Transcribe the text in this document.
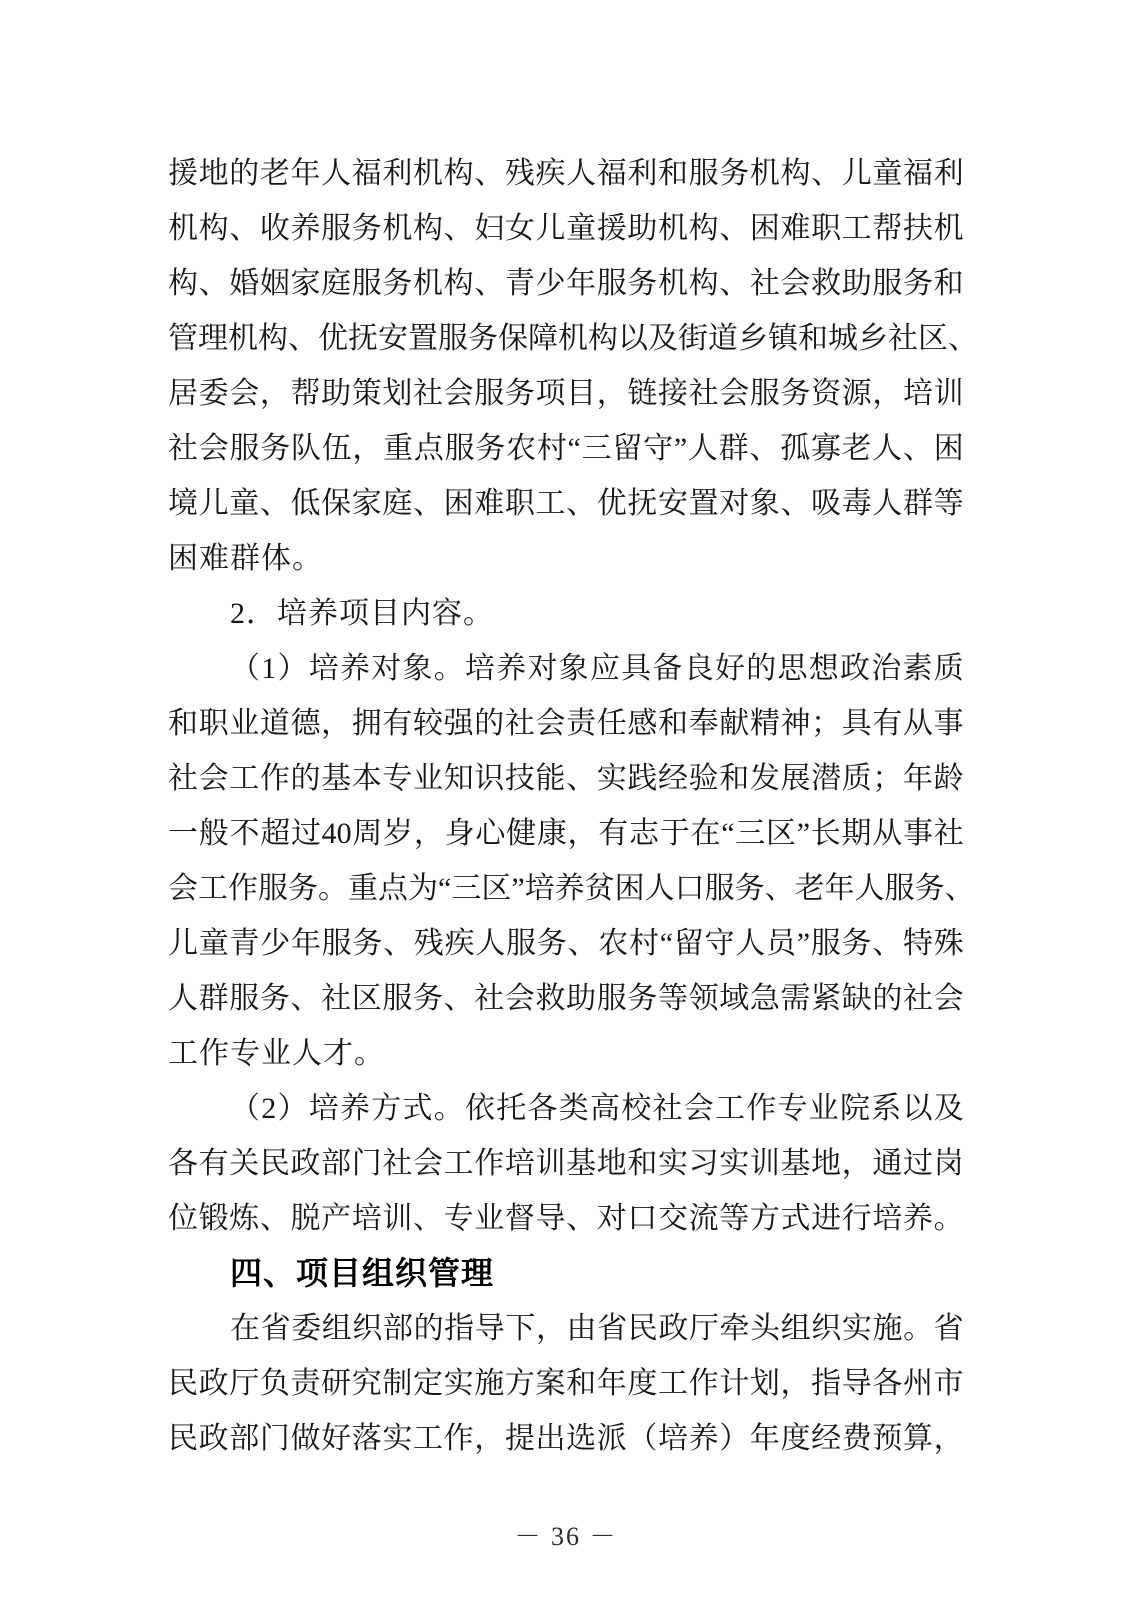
援 地 的 老 年 人 福 利 机 构 、 残 疾 人 福 利 和 服 务 机 构 、 儿 童 福 利
机 构 、 收 养 服 务 机 构 、 妇 女 儿 童 援 助 机 构 、 困 难 职 工 帮 扶 机
构 、 婚 姻 家 庭 服 务 机 构 、 青 少 年 服 务 机 构 、 社 会 救 助 服 务 和
管 理 机 构 、 优 抚 安 置 服 务 保 障 机 构 以 及 街 道 乡 镇 和 城 乡 社 区 、
居 委 会 ， 帮 助 策 划 社 会 服 务 项 目 ， 链 接 社 会 服 务 资 源 ， 培 训
社 会 服 务 队 伍 ， 重 点 服 务 农 村 “ 三 留 守 ” 人 群 、 孤 寡 老 人 、 困
境 儿 童 、 低 保 家 庭 、 困 难 职 工 、 优 抚 安 置 对 象 、 吸 毒 人 群 等
困难群体。
2．培养项目内容。
（ 1 ） 培 养 对 象 。 培 养 对 象 应 具 备 良 好 的 思 想 政 治 素 质
和 职 业 道 德 ， 拥 有 较 强 的 社 会 责 任 感 和 奉 献 精 神 ； 具 有 从 事
社 会 工 作 的 基 本 专 业 知 识 技 能 、 实 践 经 验 和 发 展 潜 质 ； 年 龄
一 般 不 超 过 40 周 岁 ， 身 心 健 康 ， 有 志 于 在 “ 三 区 ” 长 期 从 事 社
会 工 作 服 务 。 重 点 为 “ 三 区 ” 培 养 贫 困 人 口 服 务 、 老 年 人 服 务 、
儿 童 青 少 年 服 务 、 残 疾 人 服 务 、 农 村 “ 留 守 人 员 ” 服 务 、 特 殊
人 群 服 务 、 社 区 服 务 、 社 会 救 助 服 务 等 领 域 急 需 紧 缺 的 社 会
工作专业人才。
（ 2 ） 培 养 方 式 。 依 托 各 类 高 校 社 会 工 作 专 业 院 系 以 及
各 有 关 民 政 部 门 社 会 工 作 培 训 基 地 和 实 习 实 训 基 地 ， 通 过 岗
位 锻 炼 、 脱 产 培 训 、 专 业 督 导 、 对 口 交 流 等 方 式 进 行 培 养 。
四、项目组织管理
在 省 委 组 织 部 的 指 导 下 ， 由 省 民 政 厅 牵 头 组 织 实 施 。 省
民 政 厅 负 责 研 究 制 定 实 施 方 案 和 年 度 工 作 计 划 ， 指 导 各 州 市
民 政 部 门 做 好 落 实 工 作 ， 提 出 选 派 （ 培 养 ） 年 度 经 费 预 算 ，
－ 36 －
